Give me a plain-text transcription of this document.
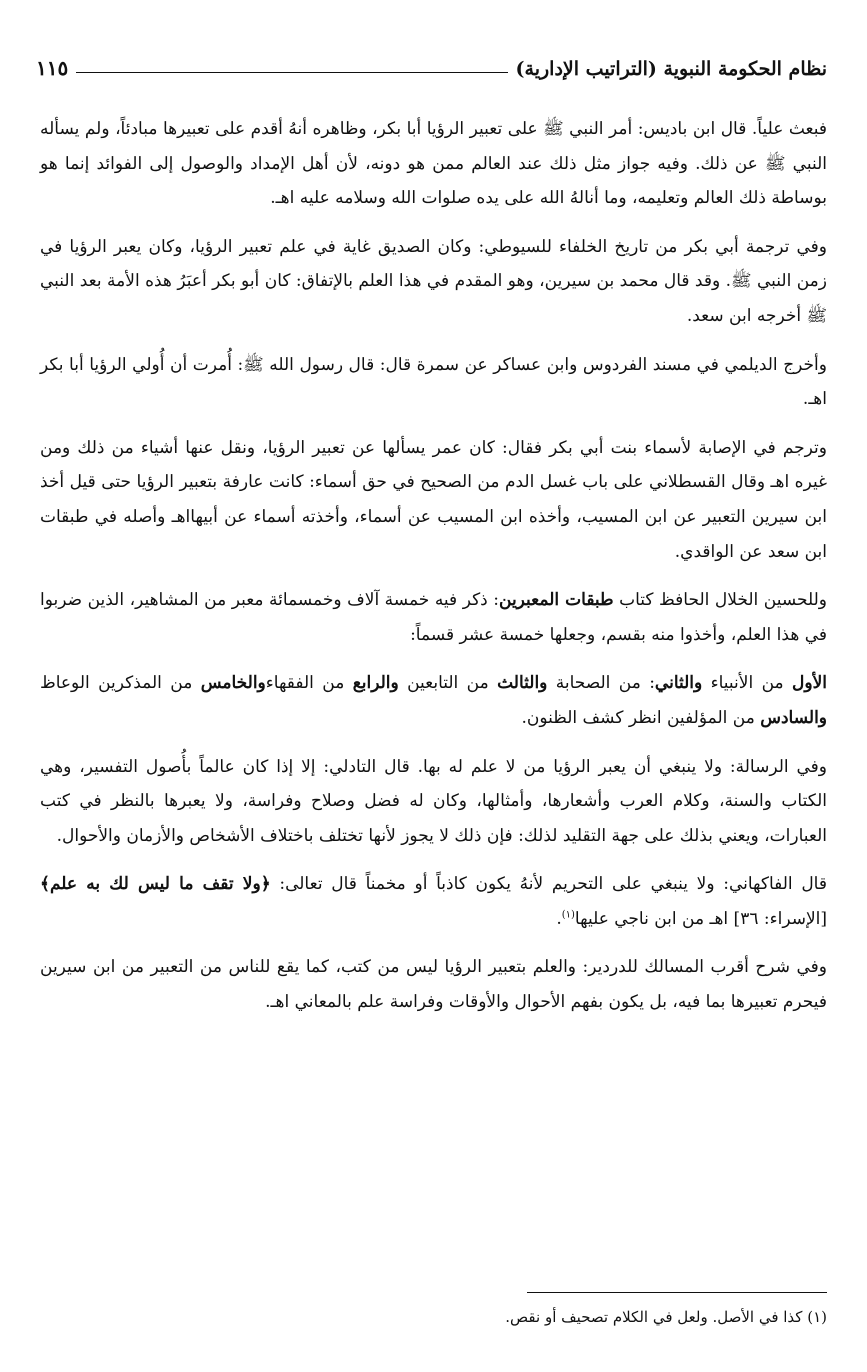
نظام الحكومة النبوية (التراتيب الإدارية)
١١٥

فبعث علياً. قال ابن باديس: أمر النبي ﷺ على تعبير الرؤيا أبا بكر، وظاهره أنهُ أقدم على تعبيرها مبادئاً، ولم يسأله النبي ﷺ عن ذلك. وفيه جواز مثل ذلك عند العالم ممن هو دونه، لأن أهل الإمداد والوصول إلى الفوائد إنما هو بوساطة ذلك العالم وتعليمه، وما أنالهُ الله على يده صلوات الله وسلامه عليه اهـ.

وفي ترجمة أبي بكر من تاريخ الخلفاء للسيوطي: وكان الصديق غاية في علم تعبير الرؤيا، وكان يعبر الرؤيا في زمن النبي ﷺ. وقد قال محمد بن سيرين، وهو المقدم في هذا العلم بالإتفاق: كان أبو بكر أعبَرُ هذه الأمة بعد النبي ﷺ أخرجه ابن سعد.

وأخرج الديلمي في مسند الفردوس وابن عساكر عن سمرة قال: قال رسول الله ﷺ: أُمرت أن أُولي الرؤيا أبا بكر اهـ.

وترجم في الإصابة لأسماء بنت أبي بكر فقال: كان عمر يسألها عن تعبير الرؤيا، ونقل عنها أشياء من ذلك ومن غيره اهـ وقال القسطلاني على باب غسل الدم من الصحيح في حق أسماء: كانت عارفة بتعبير الرؤيا حتى قيل أخذ ابن سيرين التعبير عن ابن المسيب، وأخذه ابن المسيب عن أسماء، وأخذته أسماء عن أبيهااهـ وأصله في طبقات ابن سعد عن الواقدي.

وللحسين الخلال الحافظ كتاب طبقات المعبرين: ذكر فيه خمسة آلاف وخمسمائة معبر من المشاهير، الذين ضربوا في هذا العلم، وأخذوا منه بقسم، وجعلها خمسة عشر قسماً:

الأول من الأنبياء والثاني: من الصحابة والثالث من التابعين والرابع من الفقهاءوالخامس من المذكرين الوعاظ والسادس من المؤلفين انظر كشف الظنون.

وفي الرسالة: ولا ينبغي أن يعبر الرؤيا من لا علم له بها. قال التادلي: إلا إذا كان عالماً بأُصول التفسير، وهي الكتاب والسنة، وكلام العرب وأشعارها، وأمثالها، وكان له فضل وصلاح وفراسة، ولا يعبرها بالنظر في كتب العبارات، ويعني بذلك على جهة التقليد لذلك: فإن ذلك لا يجوز لأنها تختلف باختلاف الأشخاص والأزمان والأحوال.

قال الفاكهاني: ولا ينبغي على التحريم لأنهُ يكون كاذباً أو مخمناً قال تعالى: ﴿ولا تقف ما ليس لك به علم﴾ [الإسراء: ٣٦] اهـ من ابن ناجي عليها$^{(١)}$.

وفي شرح أقرب المسالك للدردير: والعلم بتعبير الرؤيا ليس من كتب، كما يقع للناس من التعبير من ابن سيرين فيحرم تعبيرها بما فيه، بل يكون بفهم الأحوال والأوقات وفراسة علم بالمعاني اهـ.

(١) كذا في الأصل. ولعل في الكلام تصحيف أو نقص.
